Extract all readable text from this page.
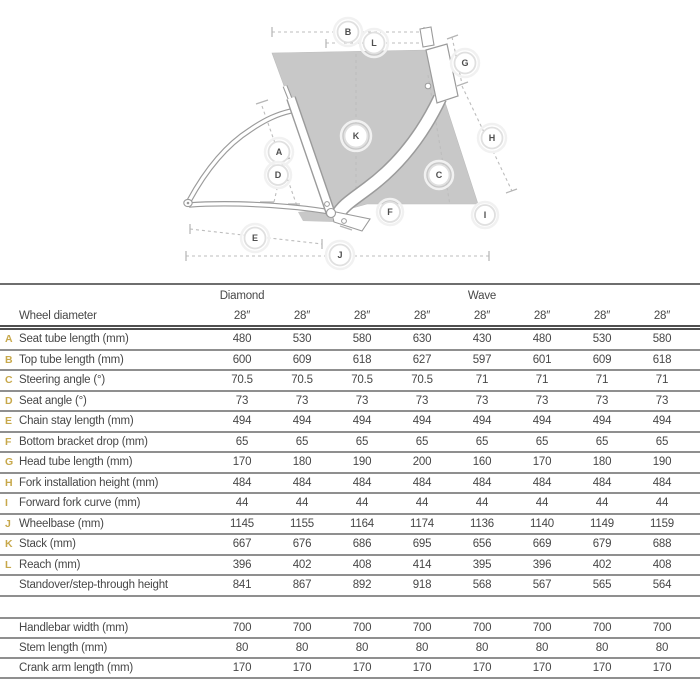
B
L
G
H
K
A
D	C
F	I
E
J
	Diamond				Wave				
Wheel diameter	28″	28″	28″	28″	28″	28″	28″	28″	
A Seat tube length (mm)	480	530	580	630	430	480	530	580	
B Top tube length (mm)	600	609	618	627	597	601	609	618	
C Steering angle (°)	70.5	70.5	70.5	70.5	71	71	71	71	
D Seat angle (°)	73	73	73	73	73	73	73	73	
E Chain stay length (mm)	494	494	494	494	494	494	494	494	
F Bottom bracket drop (mm)	65	65	65	65	65	65	65	65	
G Head tube length (mm)	170	180	190	200	160	170	180	190	
H Fork installation height (mm)	484	484	484	484	484	484	484	484	
I Forward fork curve (mm)	44	44	44	44	44	44	44	44	
J Wheelbase (mm)	1145	1155	1164	1174	1136	1140	1149	1159	
K Stack (mm)	667	676	686	695	656	669	679	688	
L Reach (mm)	396	402	408	414	395	396	402	408	
Standover/step-through height	841	867	892	918	568	567	565	564	
Handlebar width (mm)	700	700	700	700	700	700	700	700	
Stem length (mm)	80	80	80	80	80	80	80	80	
Crank arm length (mm)	170	170	170	170	170	170	170	170	
